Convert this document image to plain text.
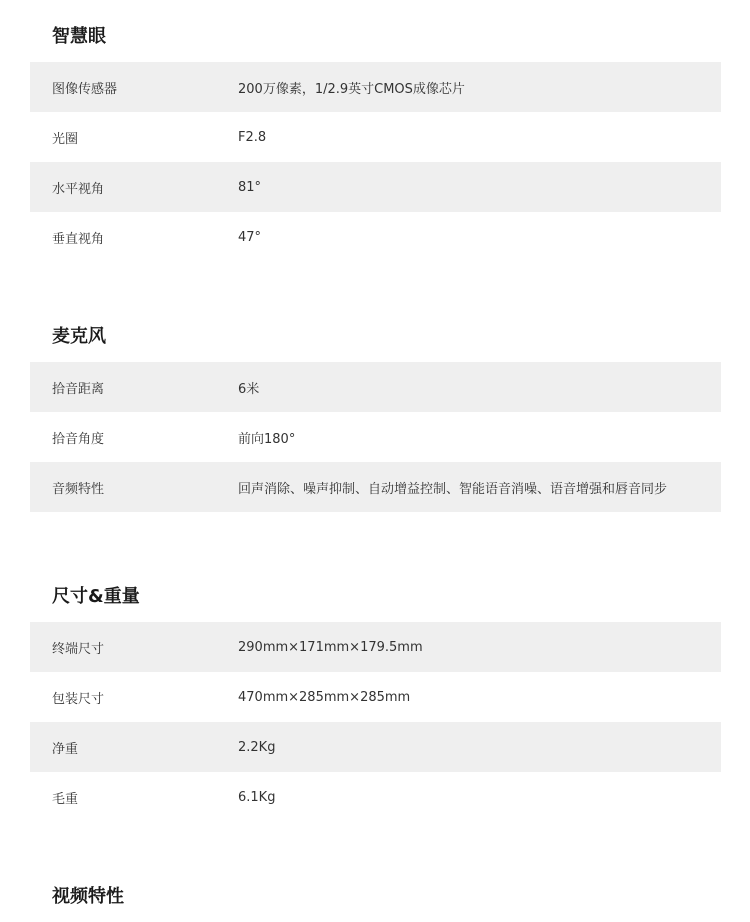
智慧眼
图像传感器	200万像素，1/2.9英寸CMOS成像芯片
光圈	F2.8
水平视角	81°
垂直视角	47°
麦克风
拾音距离	6米
拾音角度	前向180°
音频特性	回声消除、噪声抑制、自动增益控制、智能语音消噪、语音增强和唇音同步
尺寸&重量
终端尺寸	290mm×171mm×179.5mm
包装尺寸	470mm×285mm×285mm
净重	2.2Kg
毛重	6.1Kg
视频特性
